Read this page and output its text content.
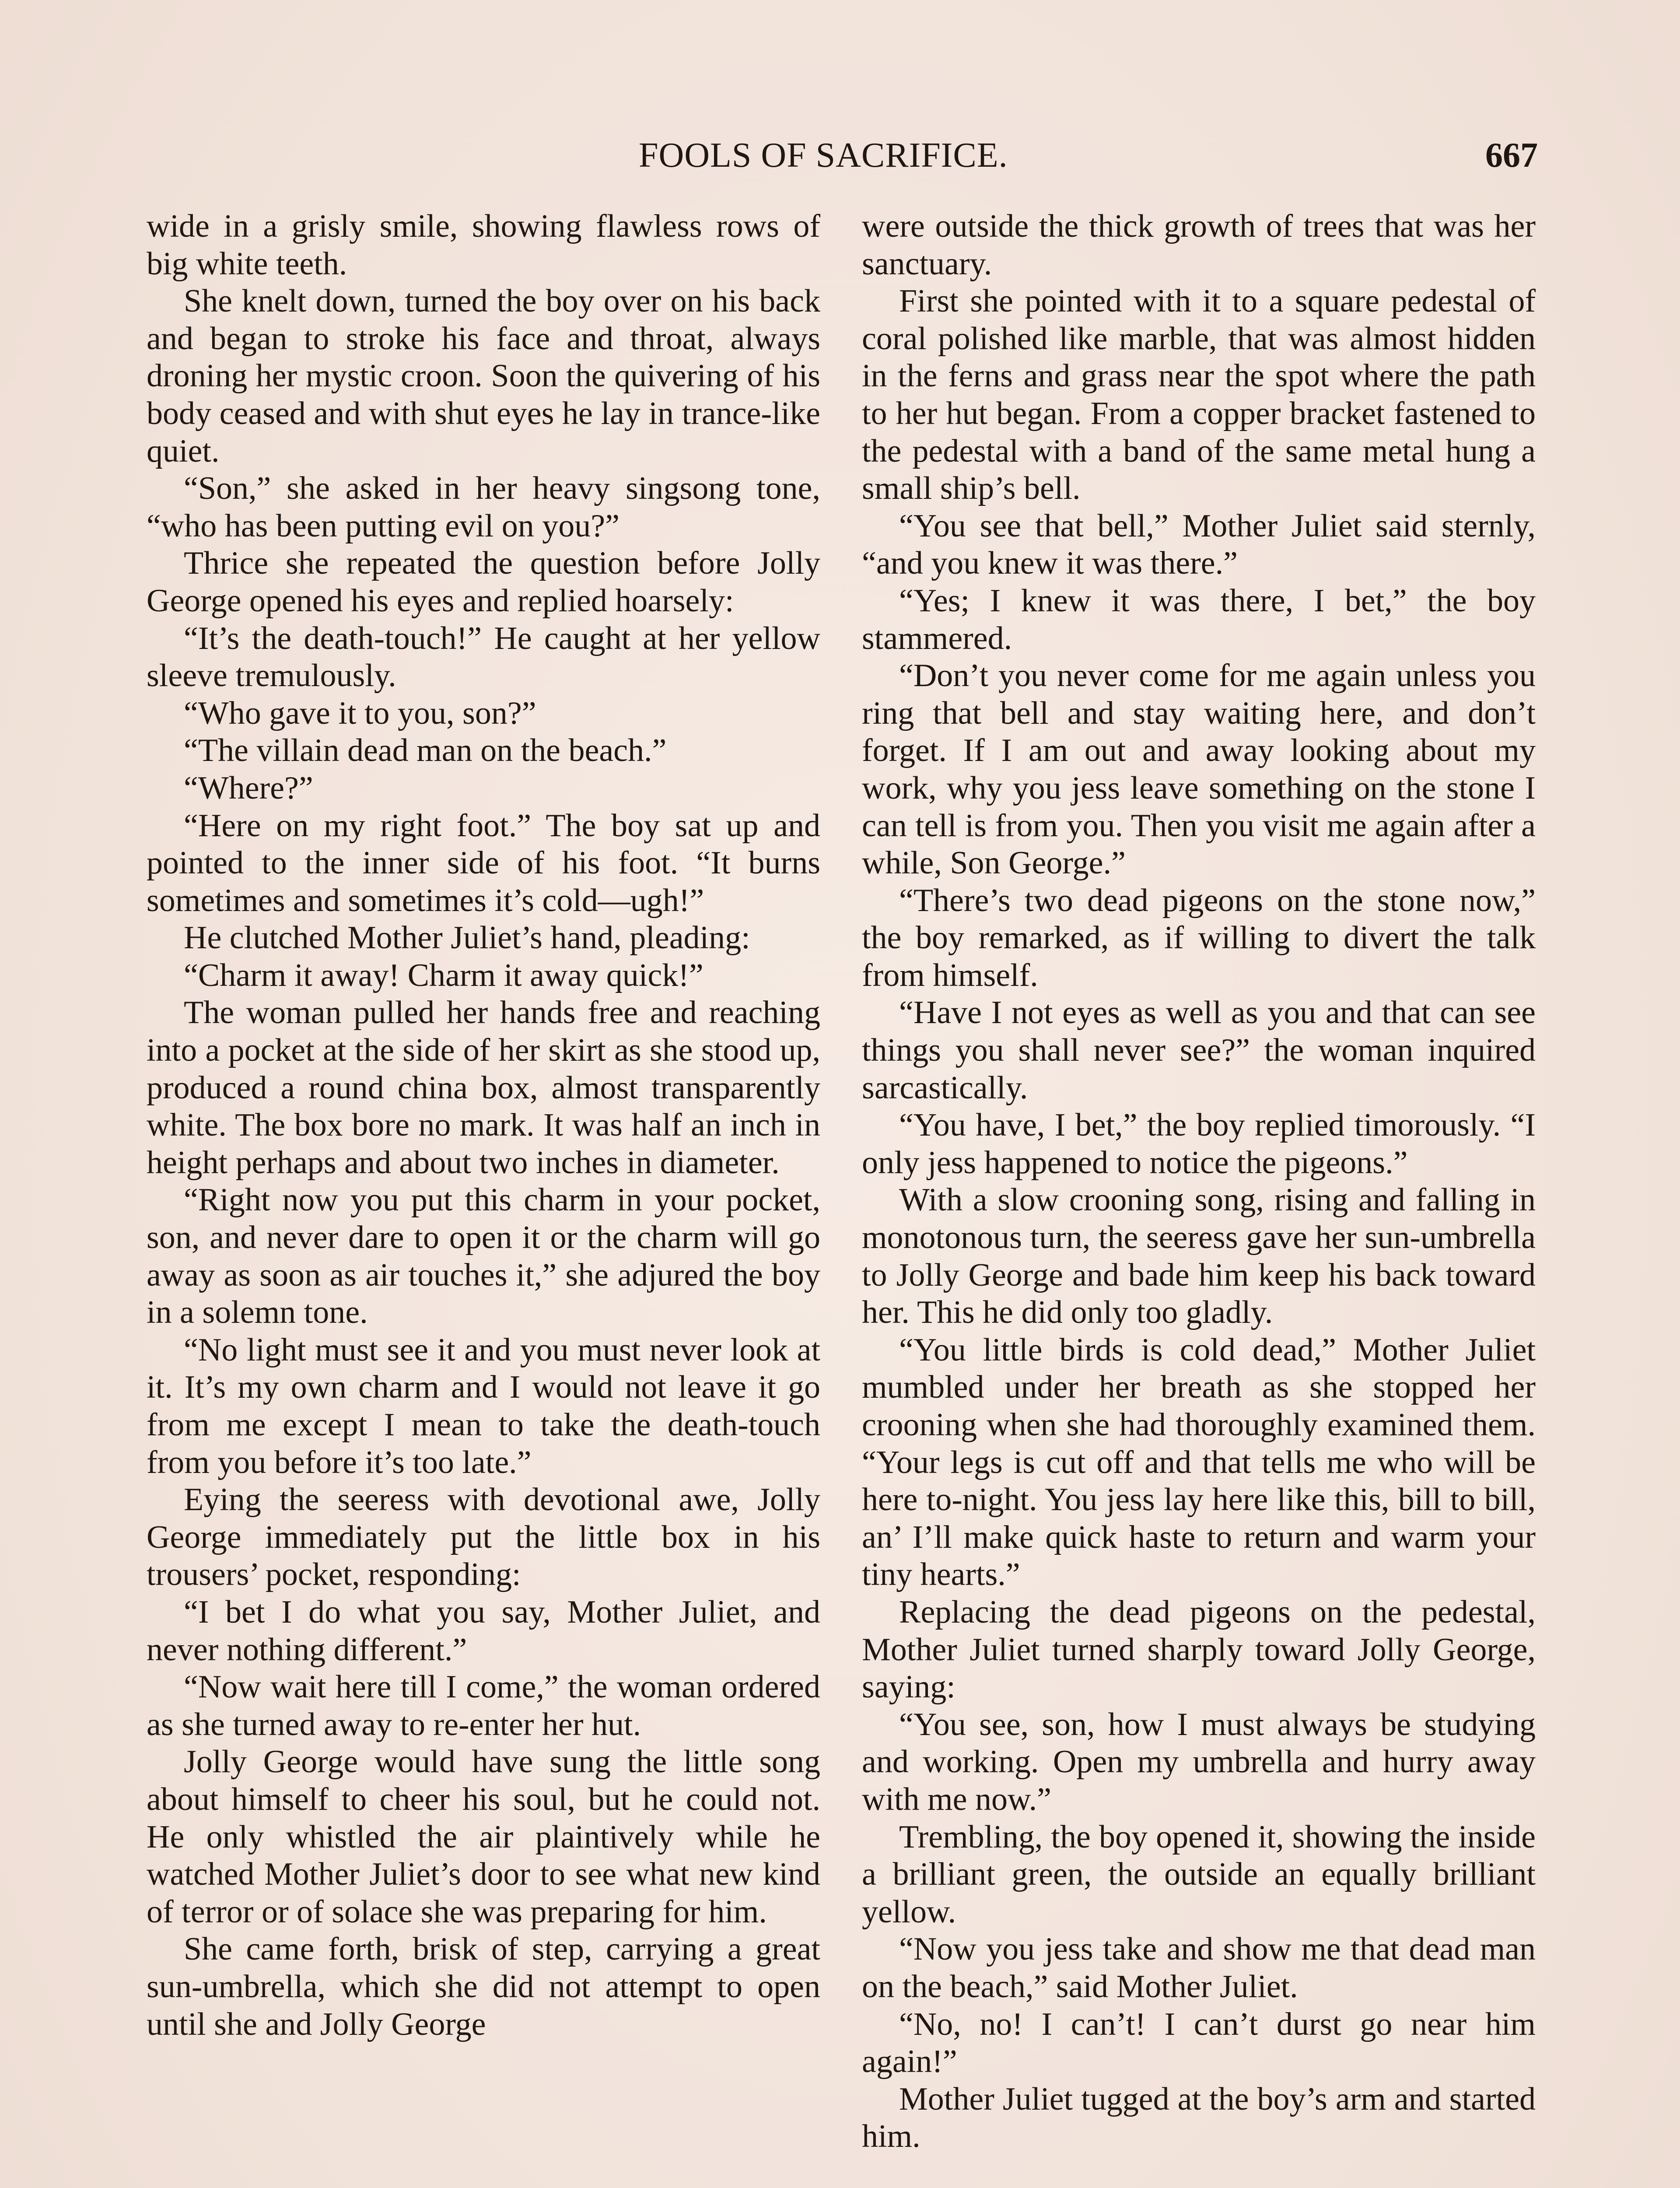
FOOLS OF SACRIFICE.	667

wide in a grisly smile, showing flawless rows of big white teeth.

She knelt down, turned the boy over on his back and began to stroke his face and throat, always droning her mystic croon. Soon the quivering of his body ceased and with shut eyes he lay in trance-like quiet.

“Son,” she asked in her heavy singsong tone, “who has been putting evil on you?”

Thrice she repeated the question before Jolly George opened his eyes and replied hoarsely:

“It’s the death-touch!” He caught at her yellow sleeve tremulously.

“Who gave it to you, son?”

“The villain dead man on the beach.”

“Where?”

“Here on my right foot.” The boy sat up and pointed to the inner side of his foot. “It burns sometimes and sometimes it’s cold—ugh!”

He clutched Mother Juliet’s hand, pleading:

“Charm it away! Charm it away quick!”

The woman pulled her hands free and reaching into a pocket at the side of her skirt as she stood up, produced a round china box, almost transparently white. The box bore no mark. It was half an inch in height perhaps and about two inches in diameter.

“Right now you put this charm in your pocket, son, and never dare to open it or the charm will go away as soon as air touches it,” she adjured the boy in a solemn tone.

“No light must see it and you must never look at it. It’s my own charm and I would not leave it go from me except I mean to take the death-touch from you before it’s too late.”

Eying the seeress with devotional awe, Jolly George immediately put the little box in his trousers’ pocket, responding:

“I bet I do what you say, Mother Juliet, and never nothing different.”

“Now wait here till I come,” the woman ordered as she turned away to re-enter her hut.

Jolly George would have sung the little song about himself to cheer his soul, but he could not. He only whistled the air plaintively while he watched Mother Juliet’s door to see what new kind of terror or of solace she was preparing for him.

She came forth, brisk of step, carrying a great sun-umbrella, which she did not attempt to open until she and Jolly George

were outside the thick growth of trees that was her sanctuary.

First she pointed with it to a square pedestal of coral polished like marble, that was almost hidden in the ferns and grass near the spot where the path to her hut began. From a copper bracket fastened to the pedestal with a band of the same metal hung a small ship’s bell.

“You see that bell,” Mother Juliet said sternly, “and you knew it was there.”

“Yes; I knew it was there, I bet,” the boy stammered.

“Don’t you never come for me again unless you ring that bell and stay waiting here, and don’t forget. If I am out and away looking about my work, why you jess leave something on the stone I can tell is from you. Then you visit me again after a while, Son George.”

“There’s two dead pigeons on the stone now,” the boy remarked, as if willing to divert the talk from himself.

“Have I not eyes as well as you and that can see things you shall never see?” the woman inquired sarcastically.

“You have, I bet,” the boy replied timorously. “I only jess happened to notice the pigeons.”

With a slow crooning song, rising and falling in monotonous turn, the seeress gave her sun-umbrella to Jolly George and bade him keep his back toward her. This he did only too gladly.

“You little birds is cold dead,” Mother Juliet mumbled under her breath as she stopped her crooning when she had thoroughly examined them. “Your legs is cut off and that tells me who will be here to-night. You jess lay here like this, bill to bill, an’ I’ll make quick haste to return and warm your tiny hearts.”

Replacing the dead pigeons on the pedestal, Mother Juliet turned sharply toward Jolly George, saying:

“You see, son, how I must always be studying and working. Open my umbrella and hurry away with me now.”

Trembling, the boy opened it, showing the inside a brilliant green, the outside an equally brilliant yellow.

“Now you jess take and show me that dead man on the beach,” said Mother Juliet.

“No, no! I can’t! I can’t durst go near him again!”

Mother Juliet tugged at the boy’s arm and started him.
